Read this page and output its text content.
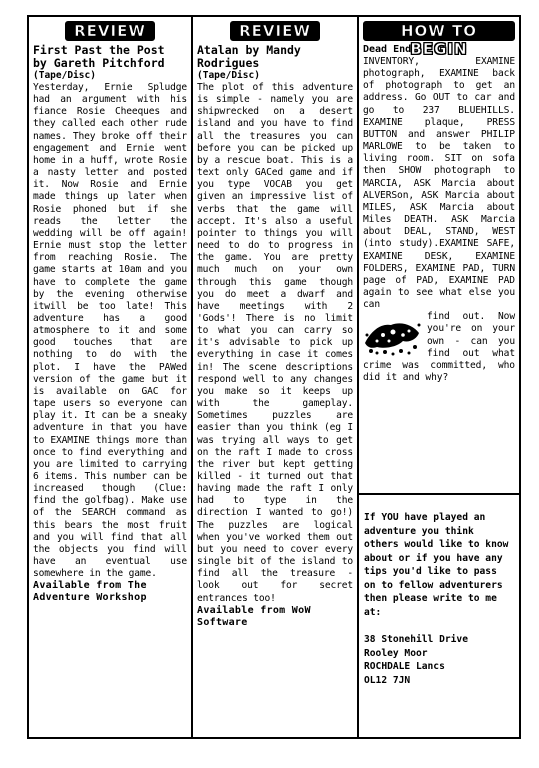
REVIEW

First Past the Post

by Gareth Pitchford

(Tape/Disc)

Yesterday, Ernie Spludge had an argument with his fiance Rosie Cheeques and they called each other rude names. They broke off their engagement and Ernie went home in a huff, wrote Rosie a nasty letter and posted it. Now Rosie and Ernie made things up later when Rosie phoned but if she reads the letter the wedding will be off again! Ernie must stop the letter from reaching Rosie. The game starts at 10am and you have to complete the game by the evening otherwise itwill be too late! This adventure has a good atmosphere to it and some good touches that are nothing to do with the plot. I have the PAWed version of the game but it is available on GAC for tape users so everyone can play it. It can be a sneaky adventure in that you have to EXAMINE things more than once to find everything and you are limited to carrying 6 items. This number can be increased though (Clue: find the golfbag). Make use of the SEARCH command as this bears the most fruit and you will find that all the objects you find will have an eventual use somewhere in the game.

Available from The Adventure Workshop

REVIEW

Atalan by Mandy Rodrigues

(Tape/Disc)

The plot of this adventure is simple - namely you are shipwrecked on a desert island and you have to find all the treasures you can before you can be picked up by a rescue boat. This is a text only GACed game and if you type VOCAB you get given an impressive list of verbs that the game will accept. It's also a useful pointer to things you will need to do to progress in the game. You are pretty much much on your own through this game though you do meet a dwarf and have meetings with 2 'Gods'! There is no limit to what you can carry so it's advisable to pick up everything in case it comes in! The scene descriptions respond well to any changes you make so it keeps up with the gameplay. Sometimes puzzles are easier than you think (eg I was trying all ways to get on the raft I made to cross the river but kept getting killed - it turned out that having made the raft I only had to type in the direction I wanted to go!) The puzzles are logical when you've worked them out but you need to cover every single bit of the island to find all the treasure - look out for secret entrances too!

Available from WoW Software

HOW TO BEGIN

Dead End

INVENTORY, EXAMINE photograph, EXAMINE back of photograph to get an address. Go OUT to car and go to 237 BLUEHILLS. EXAMINE plaque, PRESS BUTTON and answer PHILIP MARLOWE to be taken to living room. SIT on sofa then SHOW photograph to MARCIA, ASK Marcia about ALVERSon, ASK Marcia about MILES, ASK Marcia about Miles DEATH. ASK Marcia about DEAL, STAND, WEST (into study).EXAMINE SAFE, EXAMINE DESK, EXAMINE FOLDERS, EXAMINE PAD, TURN page of PAD, EXAMINE PAD again to see what else you can

find out. Now you're on your own - can you find out what crime was committed, who did it and why?

If YOU have played an adventure you think others would like to know about or if you have any tips you'd like to pass on to fellow adventurers then please write to me at:

38 Stonehill Drive
Rooley Moor
ROCHDALE Lancs
OL12 7JN
